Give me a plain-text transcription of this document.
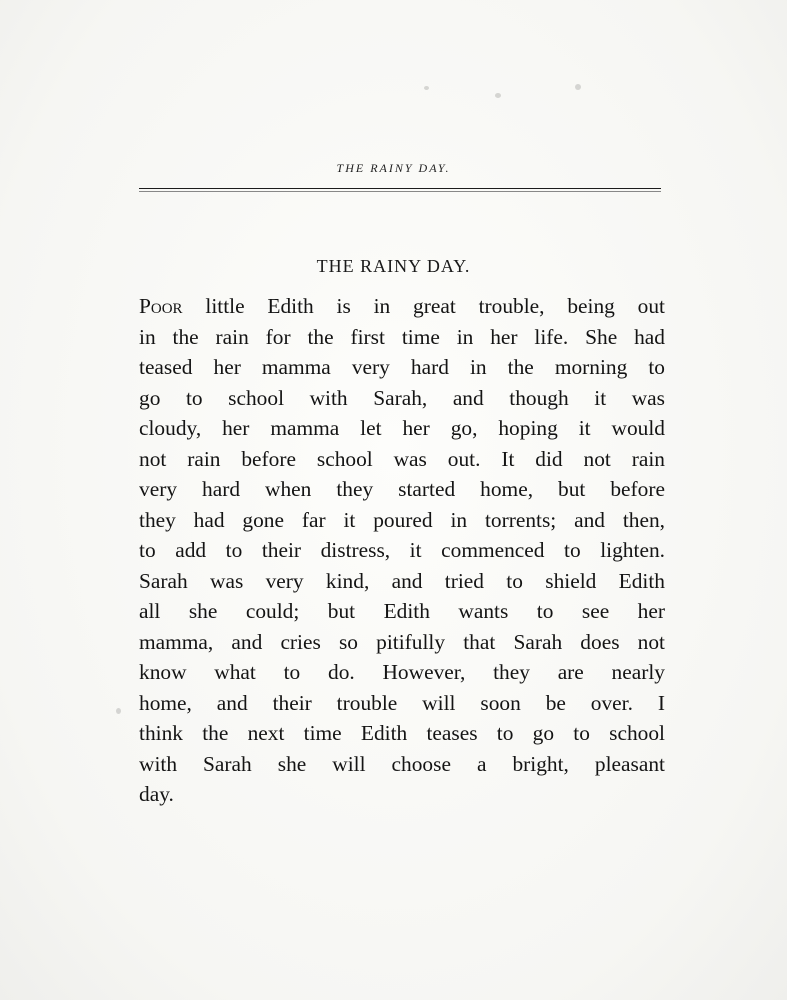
THE RAINY DAY.
THE RAINY DAY.
Poor little Edith is in great trouble, being out
in the rain for the first time in her life. She had
teased her mamma very hard in the morning to
go to school with Sarah, and though it was
cloudy, her mamma let her go, hoping it would
not rain before school was out. It did not rain
very hard when they started home, but before
they had gone far it poured in torrents; and then,
to add to their distress, it commenced to lighten.
Sarah was very kind, and tried to shield Edith
all she could; but Edith wants to see her
mamma, and cries so pitifully that Sarah does not
know what to do. However, they are nearly
home, and their trouble will soon be over. I
think the next time Edith teases to go to school
with Sarah she will choose a bright, pleasant
day.
